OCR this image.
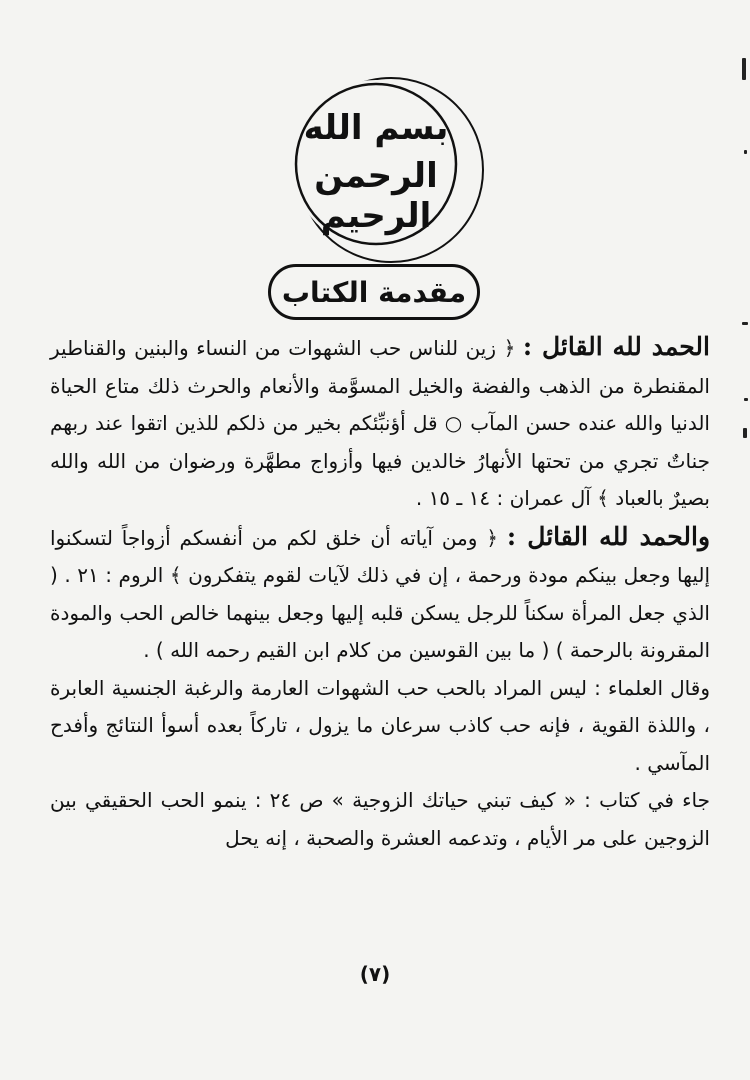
بسم الله
الرحمن الرحيم
مقدمة الكتاب

الحمد لله القائل : ﴿ زين للناس حب الشهوات من النساء والبنين والقناطير المقنطرة من الذهب والفضة والخيل المسوَّمة والأنعام والحرث ذلك متاع الحياة الدنيا والله عنده حسن المآب ○ قل أؤنبِّئكم بخير من ذلكم للذين اتقوا عند ربهم جناتٌ تجري من تحتها الأنهارُ خالدين فيها وأزواج مطهَّرة ورضوان من الله والله بصيرٌ بالعباد ﴾ آل عمران : ١٤ ـ ١٥ .

والحمد لله القائل : ﴿ ومن آياته أن خلق لكم من أنفسكم أزواجاً لتسكنوا إليها وجعل بينكم مودة ورحمة ، إن في ذلك لآيات لقوم يتفكرون ﴾ الروم : ٢١ . ( الذي جعل المرأة سكناً للرجل يسكن قلبه إليها وجعل بينهما خالص الحب والمودة المقرونة بالرحمة ) ( ما بين القوسين من كلام ابن القيم رحمه الله ) .

وقال العلماء : ليس المراد بالحب حب الشهوات العارمة والرغبة الجنسية العابرة ، واللذة القوية ، فإنه حب كاذب سرعان ما يزول ، تاركاً بعده أسوأ النتائج وأفدح المآسي .

جاء في كتاب : « كيف تبني حياتك الزوجية » ص ٢٤ : ينمو الحب الحقيقي بين الزوجين على مر الأيام ، وتدعمه العشرة والصحبة ، إنه يحل

(٧)
